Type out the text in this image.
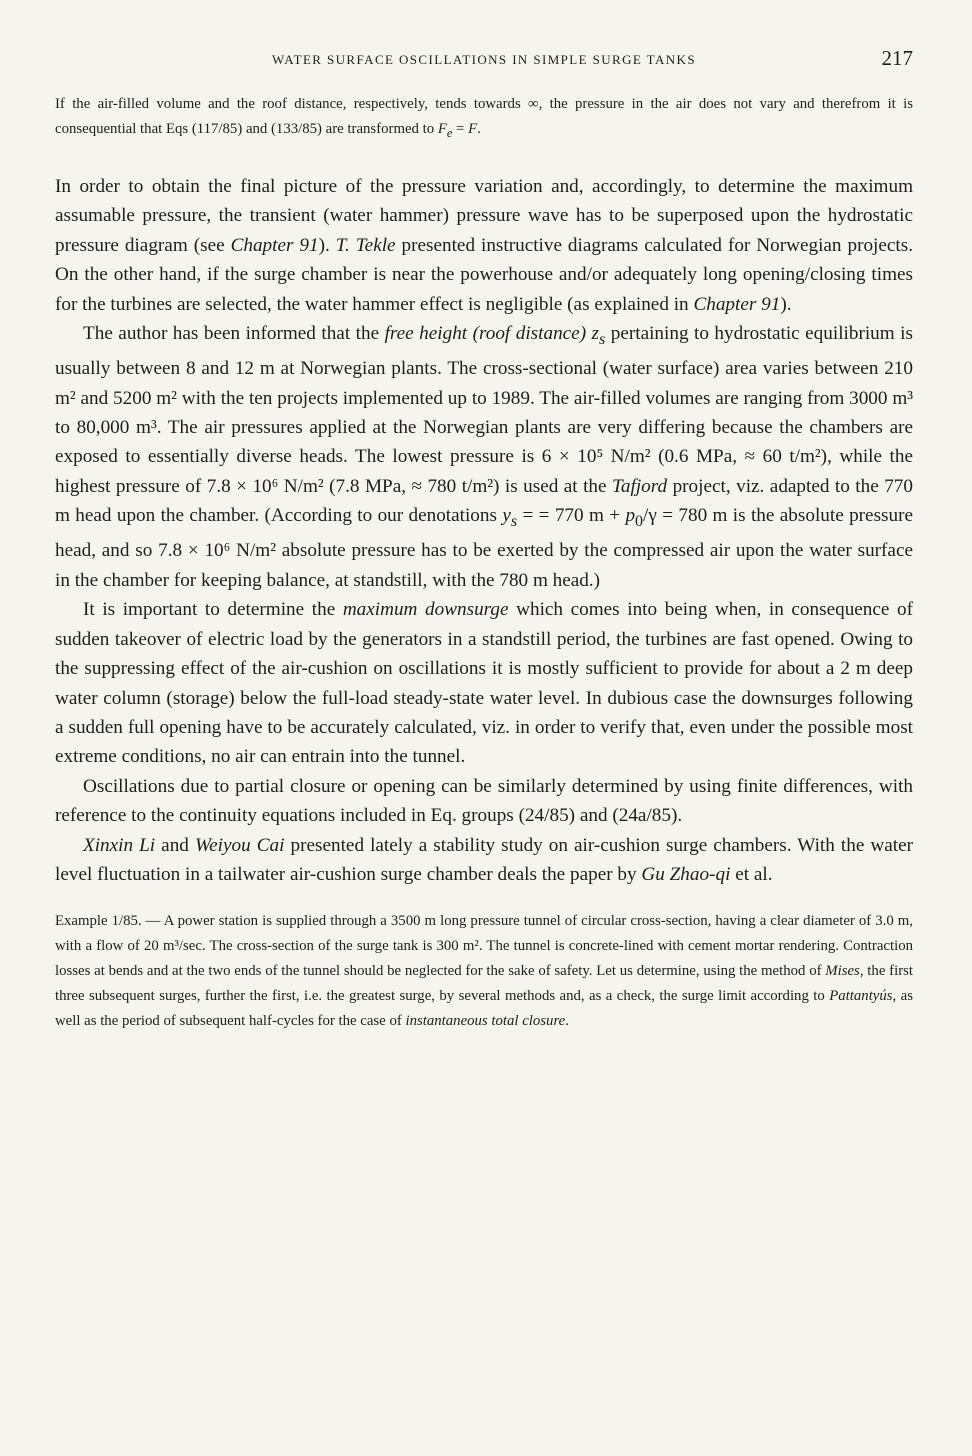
WATER SURFACE OSCILLATIONS IN SIMPLE SURGE TANKS	217

If the air-filled volume and the roof distance, respectively, tends towards ∞, the pressure in the air does not vary and therefrom it is consequential that Eqs (117/85) and (133/85) are transformed to $F_e = F$.

In order to obtain the final picture of the pressure variation and, accordingly, to determine the maximum assumable pressure, the transient (water hammer) pressure wave has to be superposed upon the hydrostatic pressure diagram (see Chapter 91). T. Tekle presented instructive diagrams calculated for Norwegian projects. On the other hand, if the surge chamber is near the powerhouse and/or adequately long opening/closing times for the turbines are selected, the water hammer effect is negligible (as explained in Chapter 91).

The author has been informed that the free height (roof distance) $z_s$ pertaining to hydrostatic equilibrium is usually between 8 and 12 m at Norwegian plants. The cross-sectional (water surface) area varies between 210 m² and 5200 m² with the ten projects implemented up to 1989. The air-filled volumes are ranging from 3000 m³ to 80,000 m³. The air pressures applied at the Norwegian plants are very differing because the chambers are exposed to essentially diverse heads. The lowest pressure is 6 × 10⁵ N/m² (0.6 MPa, ≈ 60 t/m²), while the highest pressure of 7.8 × 10⁶ N/m² (7.8 MPa, ≈ 780 t/m²) is used at the Tafjord project, viz. adapted to the 770 m head upon the chamber. (According to our denotations $y_s$ = = 770 $m + p_0/\gamma = 780$ m is the absolute pressure head, and so 7.8 × 10⁶ N/m² absolute pressure has to be exerted by the compressed air upon the water surface in the chamber for keeping balance, at standstill, with the 780 m head.)

It is important to determine the maximum downsurge which comes into being when, in consequence of sudden takeover of electric load by the generators in a standstill period, the turbines are fast opened. Owing to the suppressing effect of the air-cushion on oscillations it is mostly sufficient to provide for about a 2 m deep water column (storage) below the full-load steady-state water level. In dubious case the downsurges following a sudden full opening have to be accurately calculated, viz. in order to verify that, even under the possible most extreme conditions, no air can entrain into the tunnel.

Oscillations due to partial closure or opening can be similarly determined by using finite differences, with reference to the continuity equations included in Eq. groups (24/85) and (24a/85).

Xinxin Li and Weiyou Cai presented lately a stability study on air-cushion surge chambers. With the water level fluctuation in a tailwater air-cushion surge chamber deals the paper by Gu Zhao-qi et al.

Example 1/85. — A power station is supplied through a 3500 m long pressure tunnel of circular cross-section, having a clear diameter of 3.0 m, with a flow of 20 m³/sec. The cross-section of the surge tank is 300 m². The tunnel is concrete-lined with cement mortar rendering. Contraction losses at bends and at the two ends of the tunnel should be neglected for the sake of safety. Let us determine, using the method of Mises, the first three subsequent surges, further the first, i.e. the greatest surge, by several methods and, as a check, the surge limit according to Pattantyús, as well as the period of subsequent half-cycles for the case of instantaneous total closure.
